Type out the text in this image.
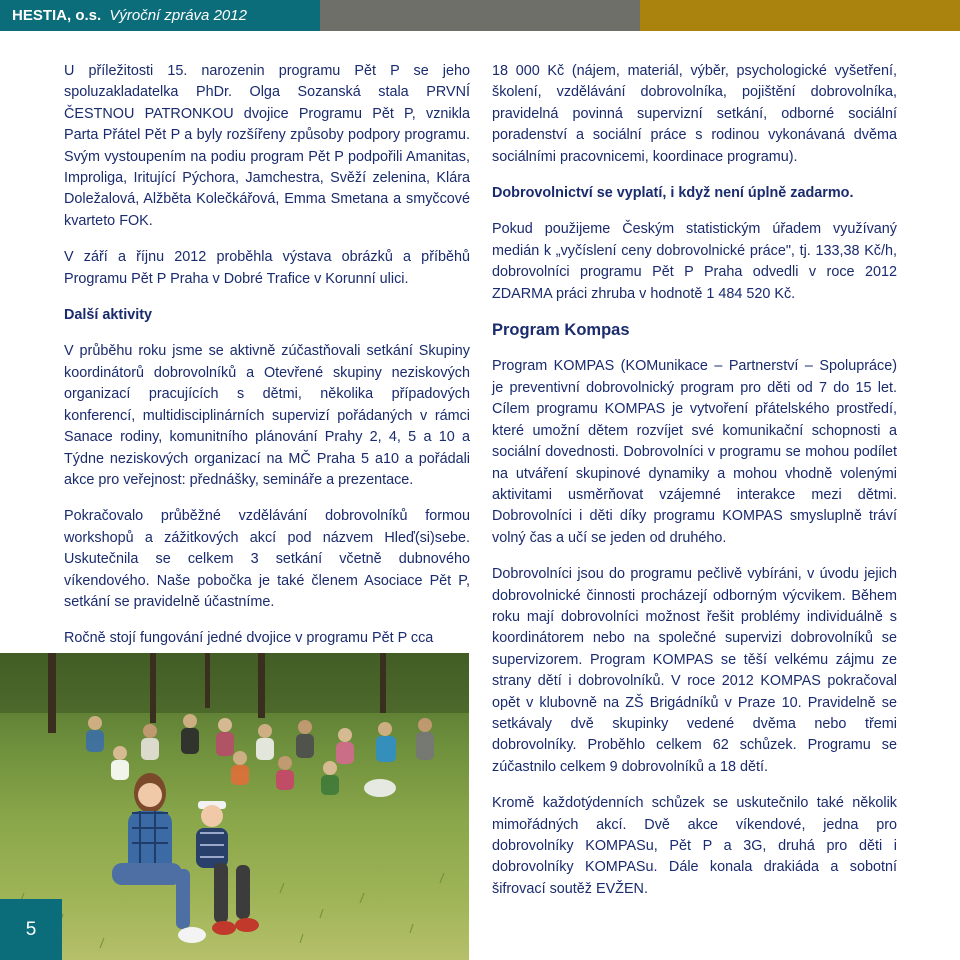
HESTIA, o.s. Výroční zpráva 2012

U příležitosti 15. narozenin programu Pět P se jeho spoluzakladatelka PhDr. Olga Sozanská stala PRVNÍ ČESTNOU PATRONKOU dvojice Programu Pět P, vznikla Parta Přátel Pět P a byly rozšířeny způsoby podpory programu. Svým vystoupením na podiu program Pět P podpořili Amanitas, Improliga, Iritující Pýchora, Jamchestra, Svěží zelenina, Klára Doležalová, Alžběta Kolečkářová, Emma Smetana a smyčcové kvarteto FOK.

V září a říjnu 2012 proběhla výstava obrázků a příběhů Programu Pět P Praha v Dobré Trafice v Korunní ulici.

Další aktivity

V průběhu roku jsme se aktivně zúčastňovali setkání Skupiny koordinátorů dobrovolníků a Otevřené skupiny neziskových organizací pracujících s dětmi, několika případových konferencí, multidisciplinárních supervizí pořádaných v rámci Sanace rodiny, komunitního plánování Prahy 2, 4, 5 a 10 a Týdne neziskových organizací na MČ Praha 5 a10 a pořádali akce pro veřejnost: přednášky, semináře a prezentace.

Pokračovalo průběžné vzdělávání dobrovolníků formou workshopů a zážitkových akcí pod názvem Hleď(si)sebe. Uskutečnila se celkem 3 setkání včetně dubnového víkendového. Naše pobočka je také členem Asociace Pět P, setkání se pravidelně účastníme.

Ročně stojí fungování jedné dvojice v programu Pět P cca

18 000 Kč (nájem, materiál, výběr, psychologické vyšetření, školení, vzdělávání dobrovolníka, pojištění dobrovolníka, pravidelná povinná supervizní setkání, odborné sociální poradenství a sociální práce s rodinou vykonávaná dvěma sociálními pracovnicemi, koordinace programu).

Dobrovolnictví se vyplatí, i když není úplně zadarmo.

Pokud použijeme Českým statistickým úřadem využívaný medián k „vyčíslení ceny dobrovolnické práce", tj. 133,38 Kč/h, dobrovolníci programu Pět P Praha odvedli v roce 2012 ZDARMA práci zhruba v hodnotě 1 484 520 Kč.

Program Kompas

Program KOMPAS (KOMunikace – Partnerství – Spolupráce) je preventivní dobrovolnický program pro děti od 7 do 15 let. Cílem programu KOMPAS je vytvoření přátelského prostředí, které umožní dětem rozvíjet své komunikační schopnosti a sociální dovednosti. Dobrovolníci v programu se mohou podílet na utváření skupinové dynamiky a mohou vhodně volenými aktivitami usměrňovat vzájemné interakce mezi dětmi. Dobrovolníci i děti díky programu KOMPAS smysluplně tráví volný čas a učí se jeden od druhého.

Dobrovolníci jsou do programu pečlivě vybíráni, v úvodu jejich dobrovolnické činnosti procházejí odborným výcvikem. Během roku mají dobrovolníci možnost řešit problémy individuálně s koordinátorem nebo na společné supervizi dobrovolníků se supervizorem. Program KOMPAS se těší velkému zájmu ze strany dětí i dobrovolníků. V roce 2012 KOMPAS pokračoval opět v klubovně na ZŠ Brigádníků v Praze 10. Pravidelně se setkávaly dvě skupinky vedené dvěma nebo třemi dobrovolníky. Proběhlo celkem 62 schůzek. Programu se zúčastnilo celkem 9 dobrovolníků a 18 dětí.

Kromě každotýdenních schůzek se uskutečnilo také několik mimořádných akcí. Dvě akce víkendové, jedna pro dobrovolníky KOMPASu, Pět P a 3G, druhá pro děti i dobrovolníky KOMPASu. Dále konala drakiáda a sobotní šifrovací soutěž EVŽEN.

5
